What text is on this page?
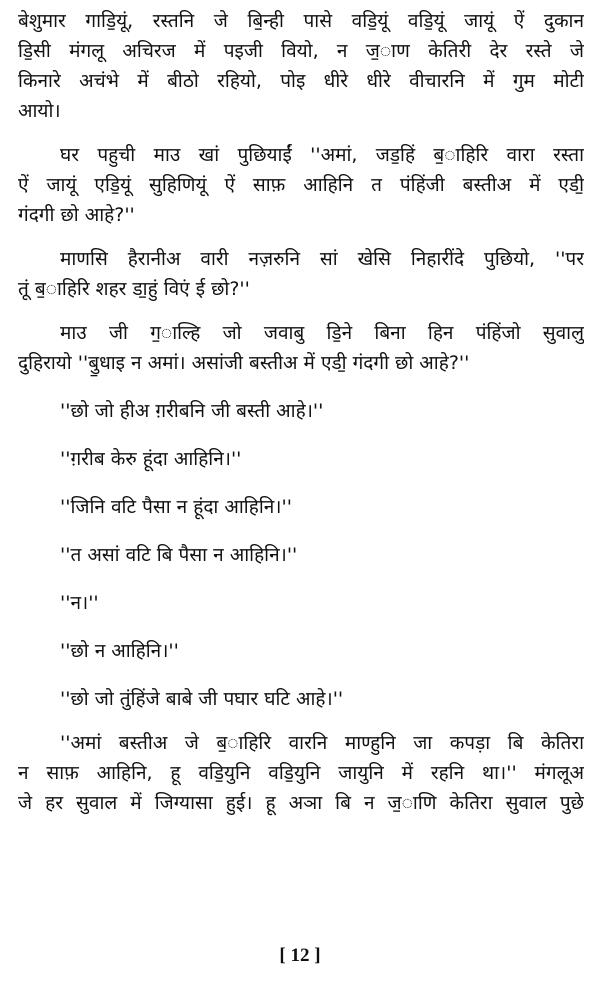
बेशुमार गाडि॒यूं, रस्तनि जे बि॒न्ही पासे वडि॒यूं वडि॒यूं जायूं ऐं दुकान
डि॒सी मंगलू अचिरज में पइजी वियो, न ज॒ाण केतिरी देर रस्ते जे
किनारे अचंभे में बीठो रहियो, पोइ धीरे धीरे वीचारनि में गुम मोटी
आयो।
घर पहुची माउ खां पुछियाईं ''अमां, जड॒हिं ब॒ाहिरि वारा रस्ता
ऐं जायूं एडि॒यूं सुहिणियूं ऐं साफ़ आहिनि त पंहिंजी बस्तीअ में एडी॒
गंदगी छो आहे?''
माणसि हैरानीअ वारी नज़रुनि सां खेसि निहारींदे पुछियो, ''पर
तूं ब॒ाहिरि शहर डा॒हुं विएं ई छो?''
माउ जी ग॒ाल्हि जो जवाबु डि॒ने बिना हिन पंहिंजो सुवालु
दुहिरायो ''बु॒धाइ न अमां। असांजी बस्तीअ में एडी॒ गंदगी छो आहे?''
''छो जो हीअ ग़रीबनि जी बस्ती आहे।''
''ग़रीब केरु हूंदा आहिनि।''
''जिनि वटि पैसा न हूंदा आहिनि।''
''त असां वटि बि पैसा न आहिनि।''
''न।''
''छो न आहिनि।''
''छो जो तुंहिंजे बाबे जी पघार घटि आहे।''
''अमां बस्तीअ जे ब॒ाहिरि वारनि माण्हुनि जा कपड़ा बि केतिरा
न साफ़ आहिनि, हू वडि॒युनि वडि॒युनि जायुनि में रहनि था।'' मंगलूअ
जे हर सुवाल में जिग्यासा हुई। हू अञा बि न ज॒ाणि केतिरा सुवाल पुछे
[ 12 ]
